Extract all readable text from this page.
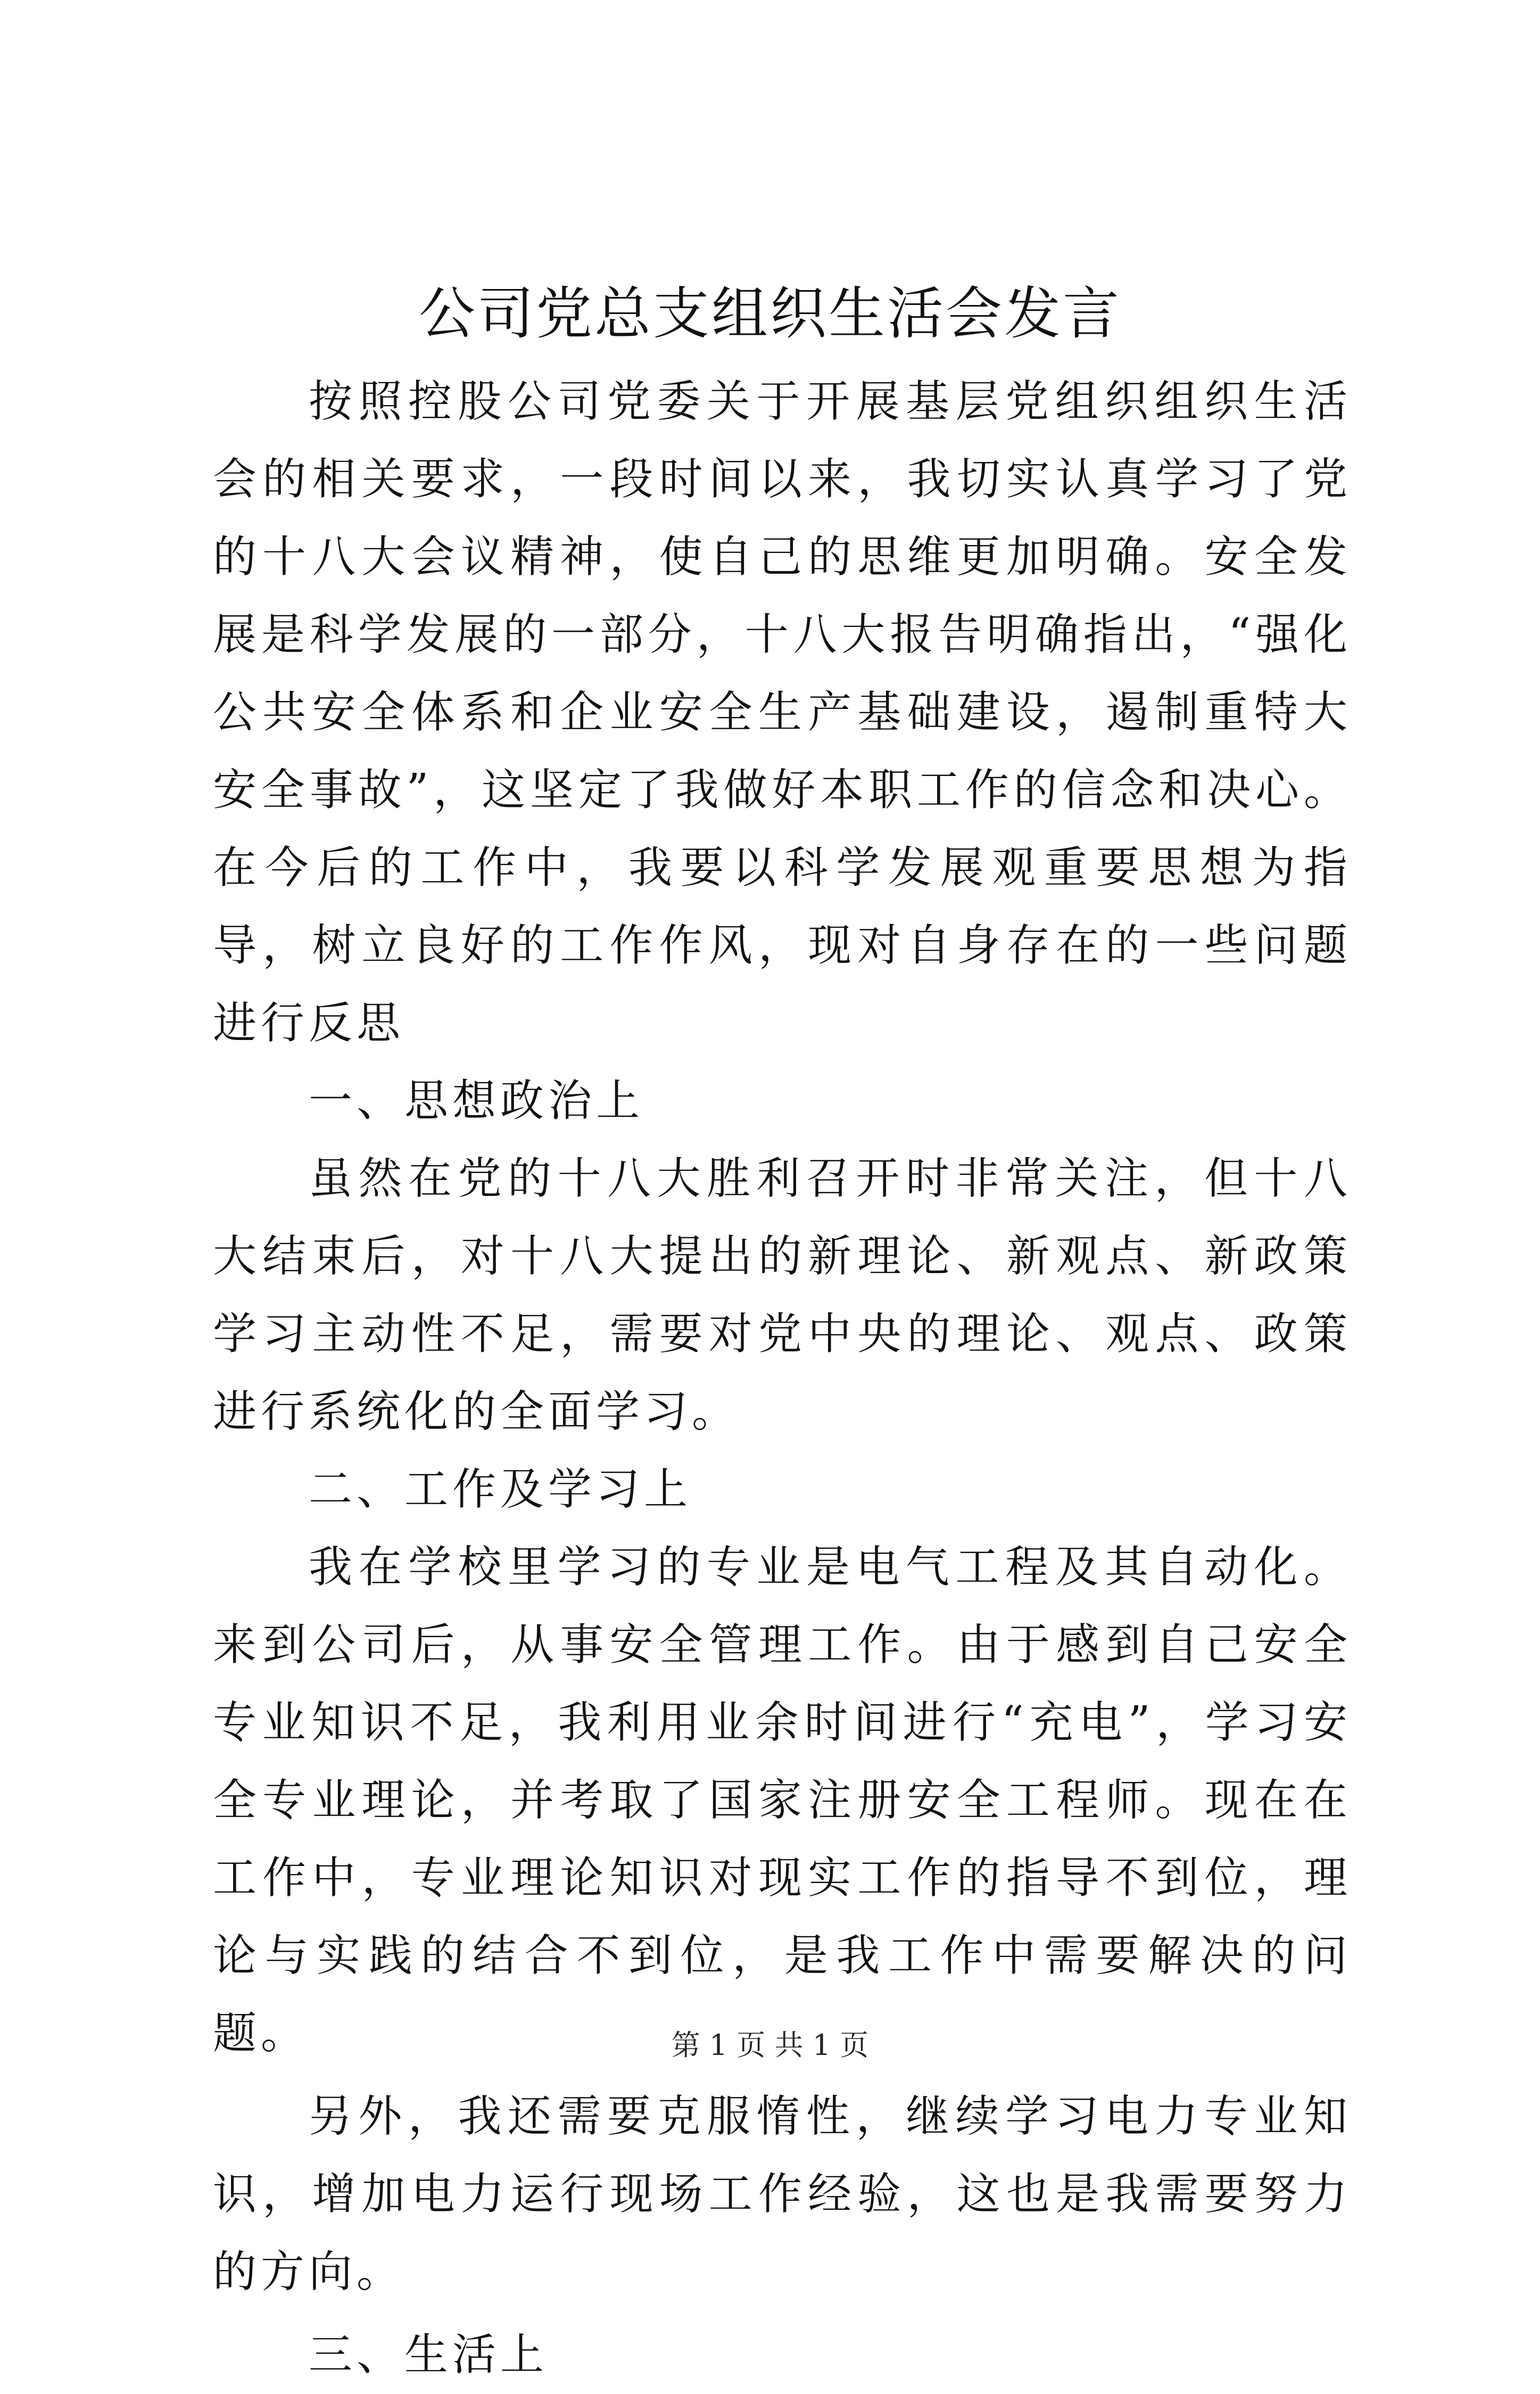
公司党总支组织生活会发言

按照控股公司党委关于开展基层党组织组织生活会的相关要求，一段时间以来，我切实认真学习了党的十八大会议精神，使自己的思维更加明确。安全发展是科学发展的一部分，十八大报告明确指出，“强化公共安全体系和企业安全生产基础建设，遏制重特大安全事故”，这坚定了我做好本职工作的信念和决心。在今后的工作中，我要以科学发展观重要思想为指导，树立良好的工作作风，现对自身存在的一些问题进行反思

一、思想政治上

虽然在党的十八大胜利召开时非常关注，但十八大结束后，对十八大提出的新理论、新观点、新政策学习主动性不足，需要对党中央的理论、观点、政策进行系统化的全面学习。

二、工作及学习上

我在学校里学习的专业是电气工程及其自动化。来到公司后，从事安全管理工作。由于感到自己安全专业知识不足，我利用业余时间进行“充电”，学习安全专业理论，并考取了国家注册安全工程师。现在在工作中，专业理论知识对现实工作的指导不到位，理论与实践的结合不到位，是我工作中需要解决的问题。

另外，我还需要克服惰性，继续学习电力专业知识，增加电力运行现场工作经验，这也是我需要努力的方向。

三、生活上

第 1 页 共 1 页
